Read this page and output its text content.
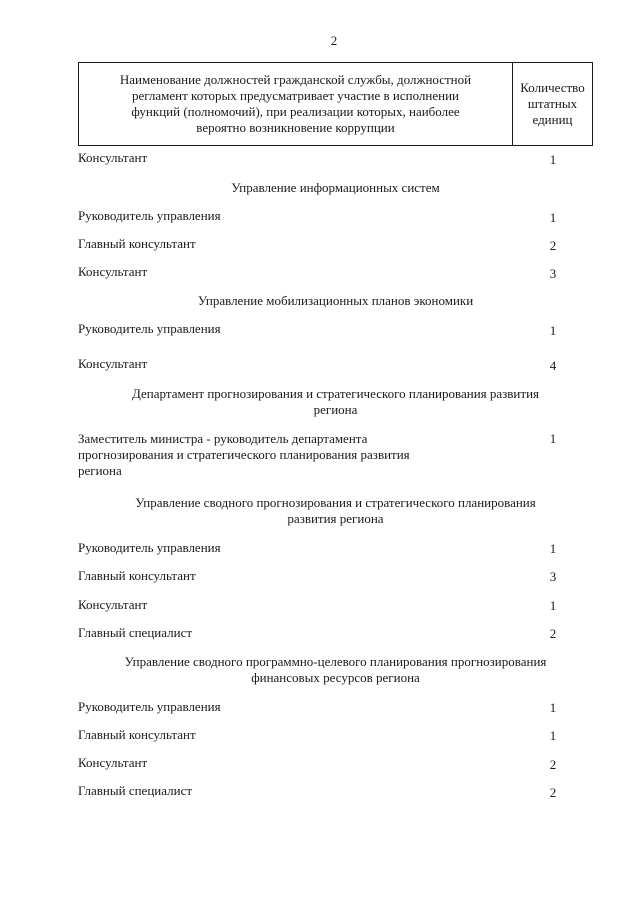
2
Наименование должностей гражданской службы, должностной
регламент которых предусматривает участие в исполнении
функций (полномочий), при реализации которых, наиболее
вероятно возникновение коррупции
Количество
штатных
единиц
Консультант	1
Управление информационных систем
Руководитель управления	1
Главный консультант	2
Консультант	3
Управление мобилизационных планов экономики
Руководитель управления	1
Консультант	4
Департамент прогнозирования и стратегического планирования развития
региона
Заместитель министра - руководитель департамента
прогнозирования и стратегического планирования развития
региона
1
Управление сводного прогнозирования и стратегического планирования
развития региона
Руководитель управления	1
Главный консультант	3
Консультант	1
Главный специалист	2
Управление сводного программно-целевого планирования прогнозирования
финансовых ресурсов региона
Руководитель управления	1
Главный консультант	1
Консультант	2
Главный специалист	2
